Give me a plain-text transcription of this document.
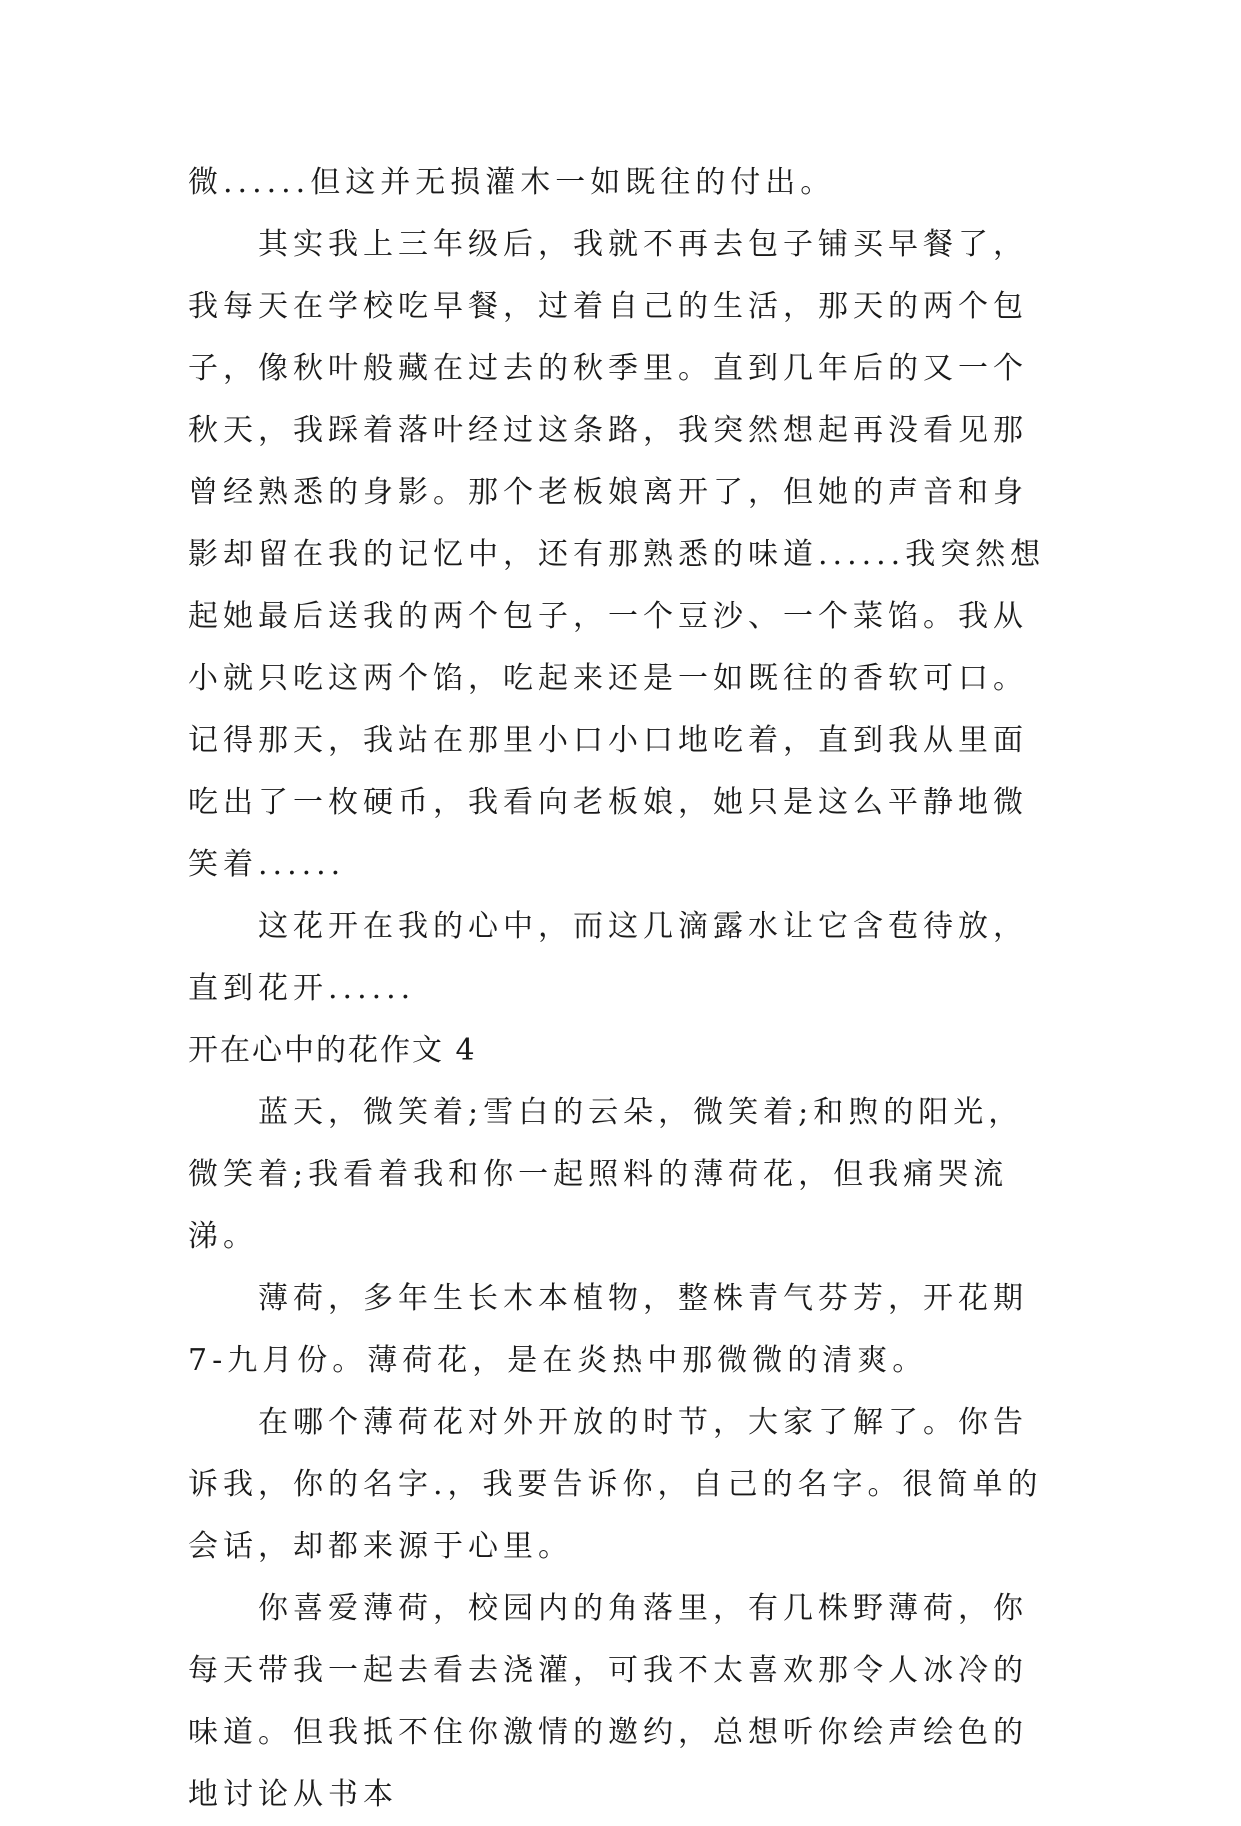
微......但这并无损灌木一如既往的付出。

其实我上三年级后，我就不再去包子铺买早餐了，我每天在学校吃早餐，过着自己的生活，那天的两个包子，像秋叶般藏在过去的秋季里。直到几年后的又一个秋天，我踩着落叶经过这条路，我突然想起再没看见那曾经熟悉的身影。那个老板娘离开了，但她的声音和身影却留在我的记忆中，还有那熟悉的味道......我突然想起她最后送我的两个包子，一个豆沙、一个菜馅。我从小就只吃这两个馅，吃起来还是一如既往的香软可口。记得那天，我站在那里小口小口地吃着，直到我从里面吃出了一枚硬币，我看向老板娘，她只是这么平静地微笑着......

这花开在我的心中，而这几滴露水让它含苞待放，直到花开......

开在心中的花作文 4

蓝天，微笑着;雪白的云朵，微笑着;和煦的阳光，微笑着;我看着我和你一起照料的薄荷花，但我痛哭流涕。

薄荷，多年生长木本植物，整株青气芬芳，开花期 7-九月份。薄荷花，是在炎热中那微微的清爽。

在哪个薄荷花对外开放的时节，大家了解了。你告诉我，你的名字.，我要告诉你，自己的名字。很简单的会话，却都来源于心里。

你喜爱薄荷，校园内的角落里，有几株野薄荷，你每天带我一起去看去浇灌，可我不太喜欢那令人冰冷的味道。但我抵不住你激情的邀约，总想听你绘声绘色的地讨论从书本
